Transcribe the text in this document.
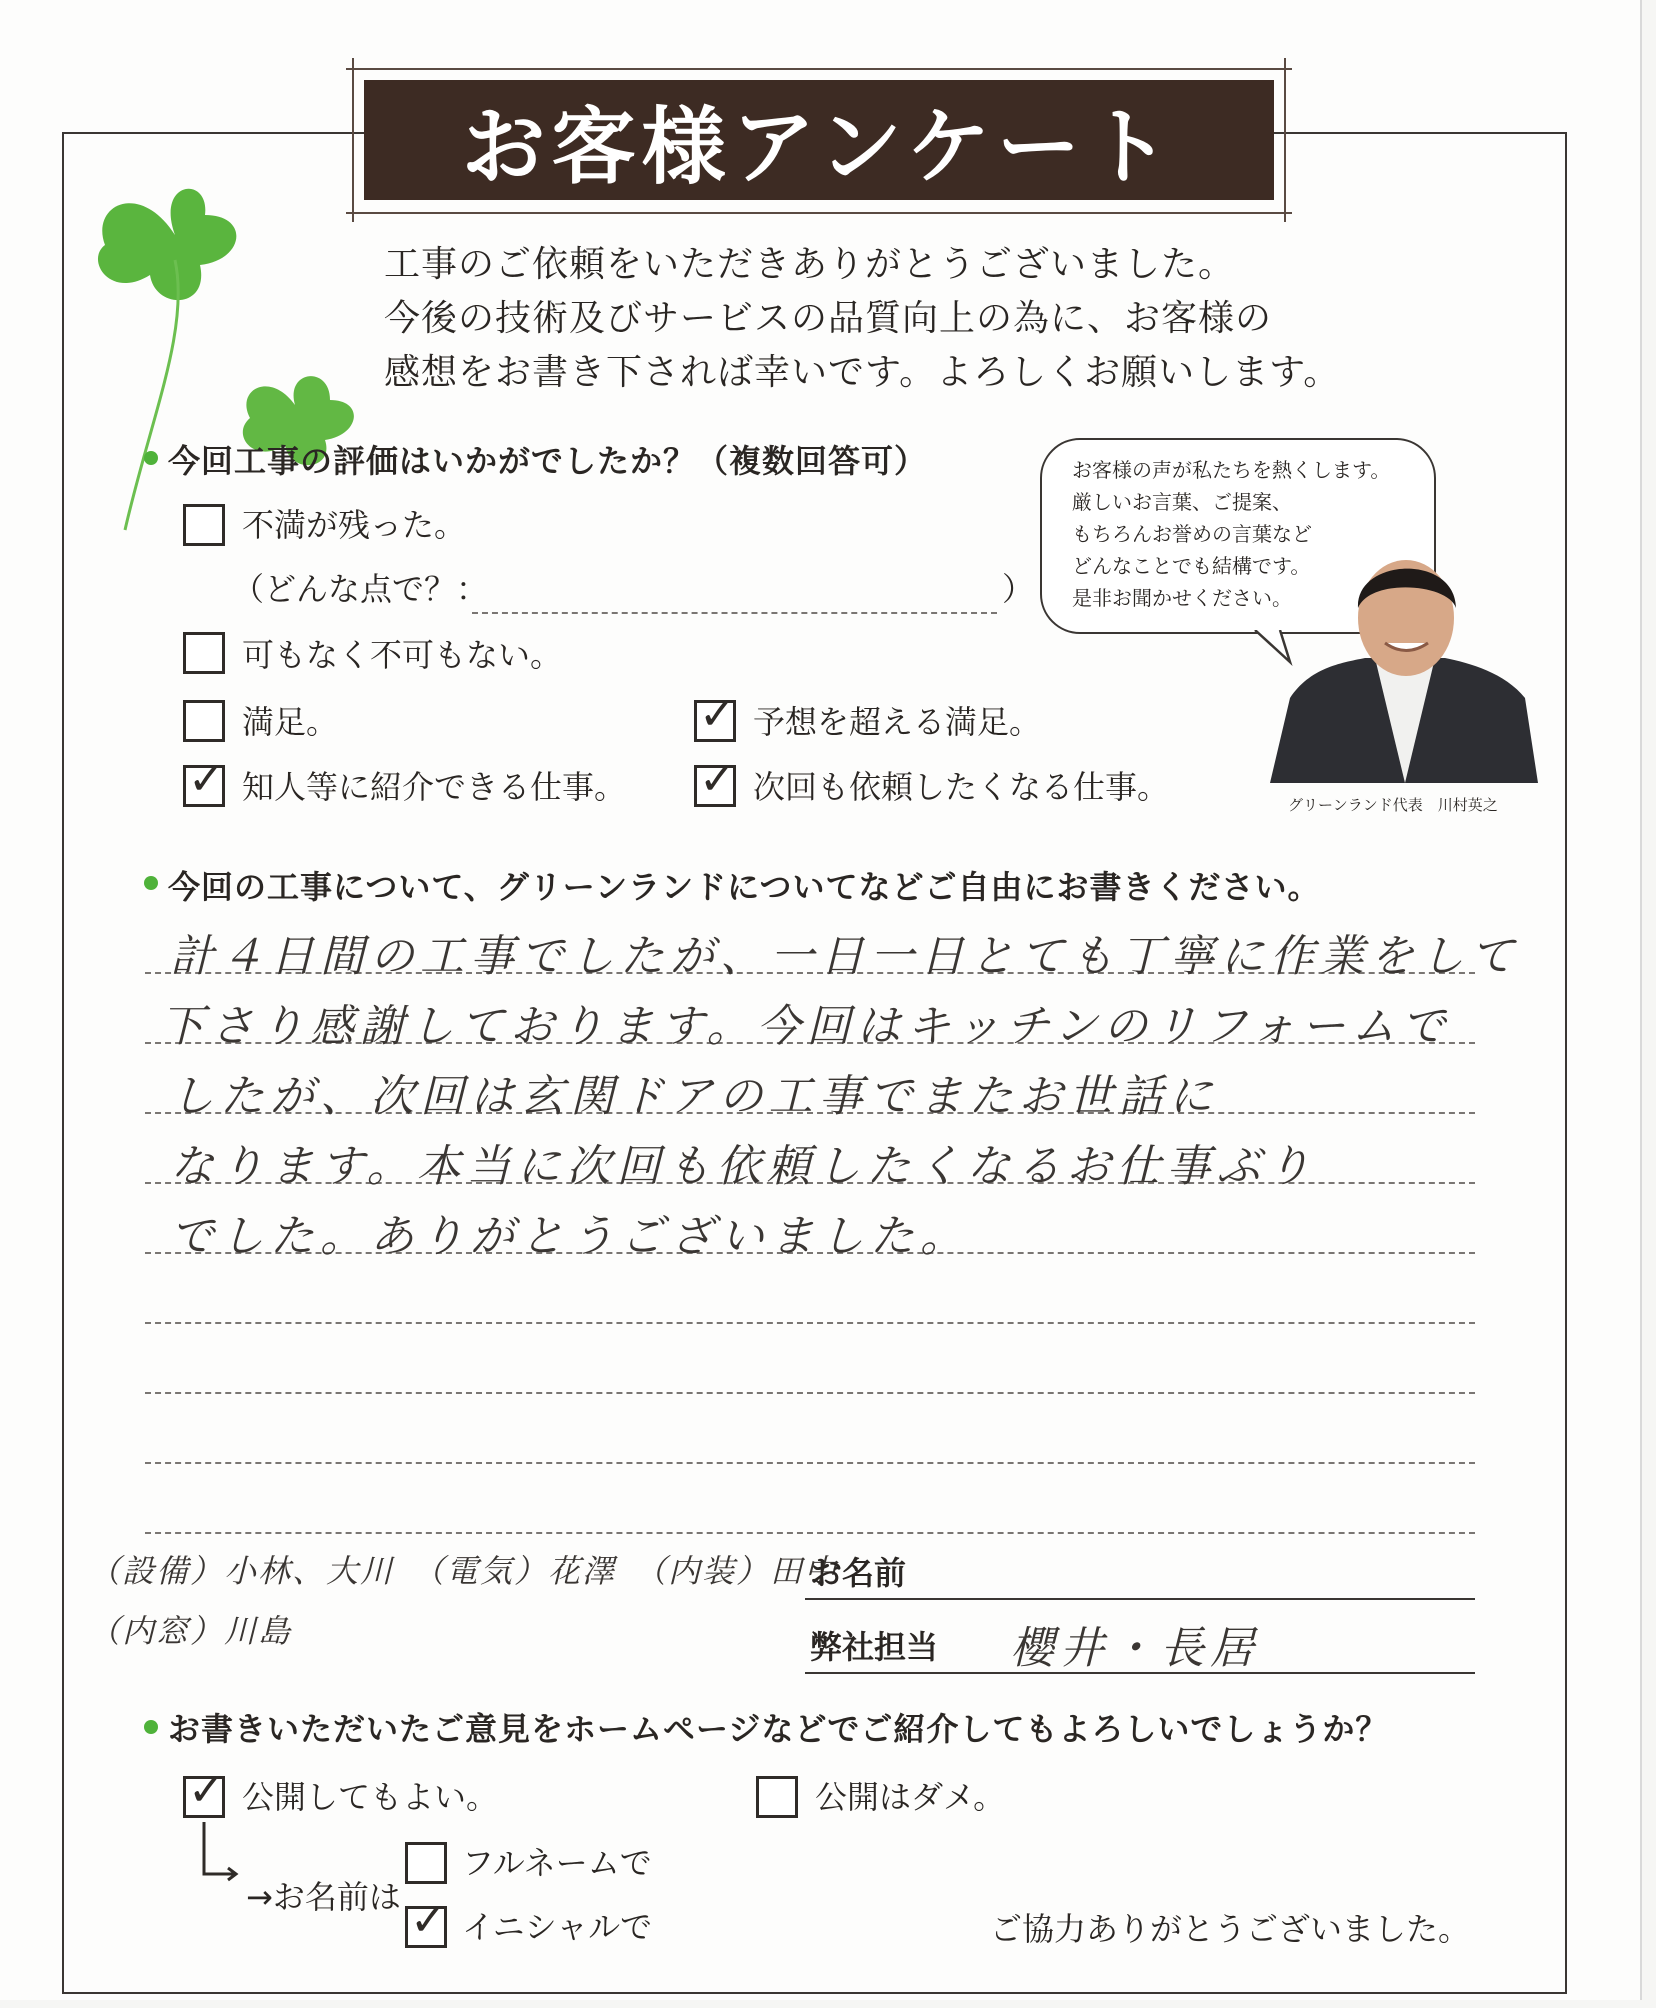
お客様アンケート
工事のご依頼をいただきありがとうございました。
今後の技術及びサービスの品質向上の為に、お客様の
感想をお書き下されば幸いです。よろしくお願いします。
今回工事の評価はいかがでしたか？（複数回答可）
不満が残った。
（どんな点で？：	）
可もなく不可もない。
満足。	✓ 予想を超える満足。
✓ 知人等に紹介できる仕事。 ✓ 次回も依頼したくなる仕事。
お客様の声が私たちを熱くします。
厳しいお言葉、ご提案、
もちろんお誉めの言葉など
どんなことでも結構です。
是非お聞かせください。
グリーンランド代表　川村英之
今回の工事について、グリーンランドについてなどご自由にお書きください。
計４日間の工事でしたが、一日一日とても丁寧に作業をして
下さり感謝しております。今回はキッチンのリフォームで
したが、次回は玄関ドアの工事でまたお世話に
なります。本当に次回も依頼したくなるお仕事ぶり
でした。ありがとうございました。
（設備）小林、大川　（電気）花澤　（内装）田中
（内窓）川島
お名前
弊社担当 櫻井・長居
お書きいただいたご意見をホームページなどでご紹介してもよろしいでしょうか？
✓ 公開してもよい。	公開はダメ。
→お名前は
フルネームで
✓ イニシャルで	ご協力ありがとうございました。
